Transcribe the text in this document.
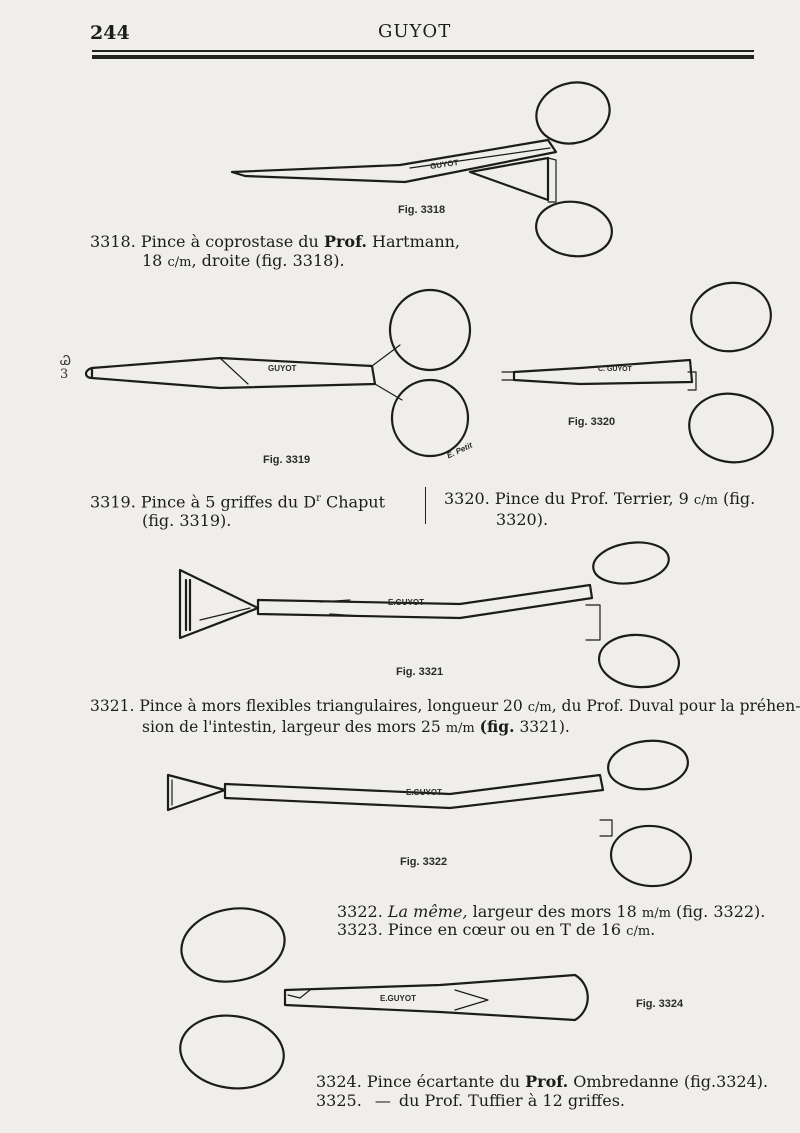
244	GUYOT
GUYOT
GUYOT	C. GUYOT
E.GUYOT
E.GUYOT
E.GUYOT
E. Petit
Ꮚ 3
Fig. 3318
Fig. 3319
Fig. 3320
Fig. 3321
Fig. 3322
Fig. 3324
3318. Pince à coprostase du Prof. Hartmann,
18 c/m, droite (fig. 3318).
3319. Pince à 5 griffes du $D^r$ Chaput
(fig. 3319).
3320. Pince du Prof. Terrier, 9 c/m (fig.
3320).
3321. Pince à mors flexibles triangulaires, longueur 20 c/m, du Prof. Duval pour la préhen-
sion de l'intestin, largeur des mors 25 m/m (fig. 3321).
3322. La même, largeur des mors 18 m/m (fig. 3322).
3323. Pince en cœur ou en T de 16 c/m.
3324. Pince écartante du Prof. Ombredanne (fig.3324).
3325. — du Prof. Tuffier à 12 griffes.
